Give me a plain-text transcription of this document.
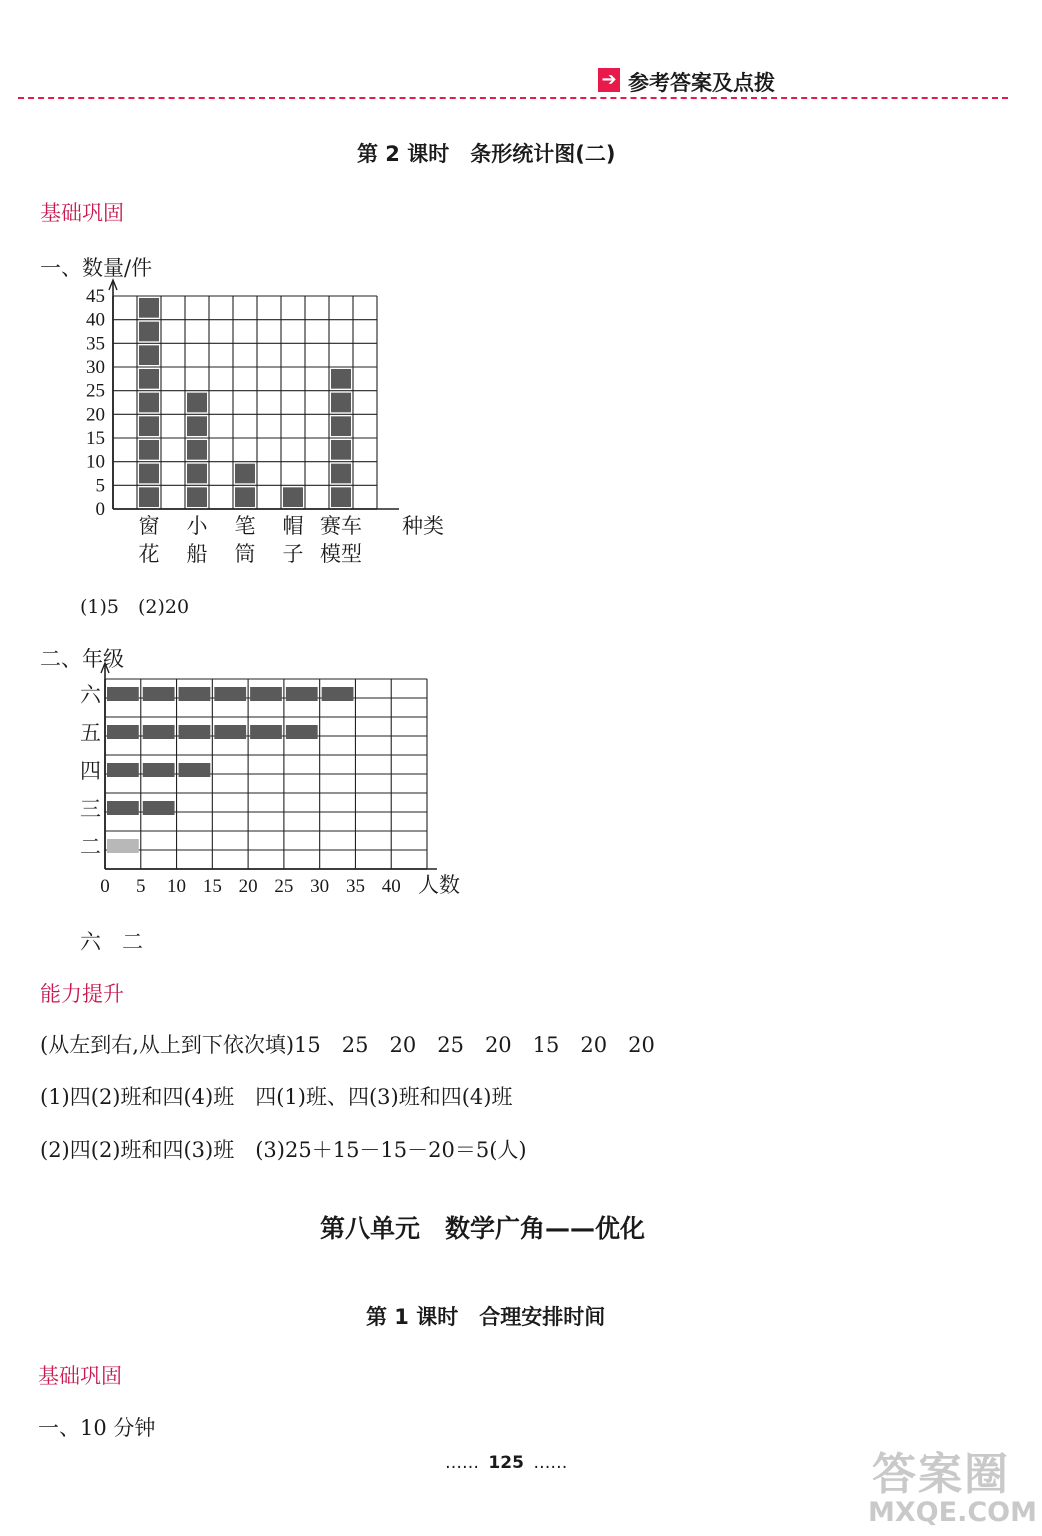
➔ 参考答案及点拨
第 2 课时　条形统计图(二)
基础巩固
一、数量/件
0
5
10
15
20
25
30
35
40
45
窗
花
小
船
笔
筒
帽
子
赛车
模型
种类
(1)5　(2)20
二、年级
0 5 10 15 20 25 30 35 40 人数
六
五
四
三
二
六　二
能力提升
(从左到右,从上到下依次填)15　25　20　25　20　15　20　20
(1)四(2)班和四(4)班　四(1)班、四(3)班和四(4)班
(2)四(2)班和四(3)班　(3)25＋15－15－20＝5(人)
第八单元　数学广角——优化
第 1 课时　合理安排时间
基础巩固
一、10 分钟
…… 125 ……	答案圈
MXQE.COM
